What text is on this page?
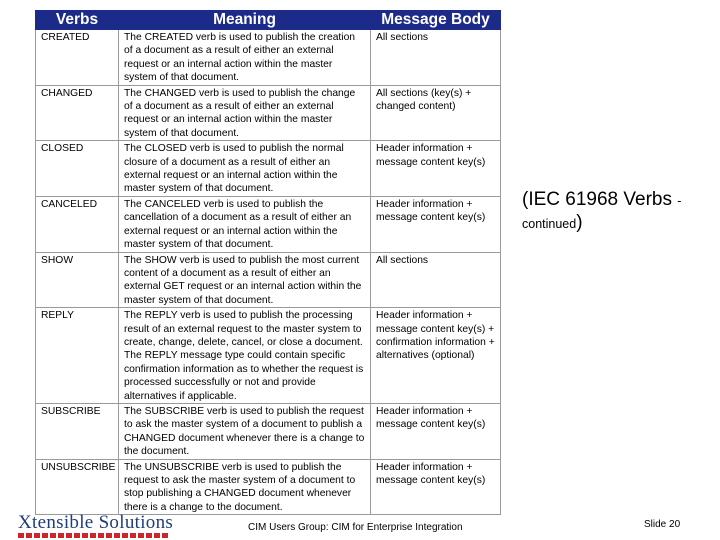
Verbs	Meaning	Message Body
CREATED	The CREATED verb is used to publish the creation of a document as a result of either an external request or an internal action within the master system of that document.	All sections
CHANGED	The CHANGED verb is used to publish the change of a document as a result of either an external request or an internal action within the master system of that document.	All sections (key(s) + changed content)
CLOSED	The CLOSED verb is used to publish the normal closure of a document as a result of either an external request or an internal action within the master system of that document.	Header information + message content key(s)
CANCELED	The CANCELED verb is used to publish the cancellation of a document as a result of either an external request or an internal action within the master system of that document.	Header information + message content key(s)
SHOW	The SHOW verb is used to publish the most current content of a document as a result of either an external GET request or an internal action within the master system of that document.	All sections
REPLY	The REPLY verb is used to publish the processing result of an external request to the master system to create, change, delete, cancel, or close a document. The REPLY message type could contain specific confirmation information as to whether the request is processed successfully or not and provide alternatives if applicable.	Header information + message content key(s) + confirmation information + alternatives (optional)
SUBSCRIBE	The SUBSCRIBE verb is used to publish the request to ask the master system of a document to publish a CHANGED document whenever there is a change to the document.	Header information + message content key(s)
UNSUBSCRIBE	The UNSUBSCRIBE verb is used to publish the request to ask the master system of a document to stop publishing a CHANGED document whenever there is a change to the document.	Header information + message content key(s)
(IEC 61968 Verbs - continued)
Xtensible Solutions	CIM Users Group: CIM for Enterprise Integration	Slide 20
